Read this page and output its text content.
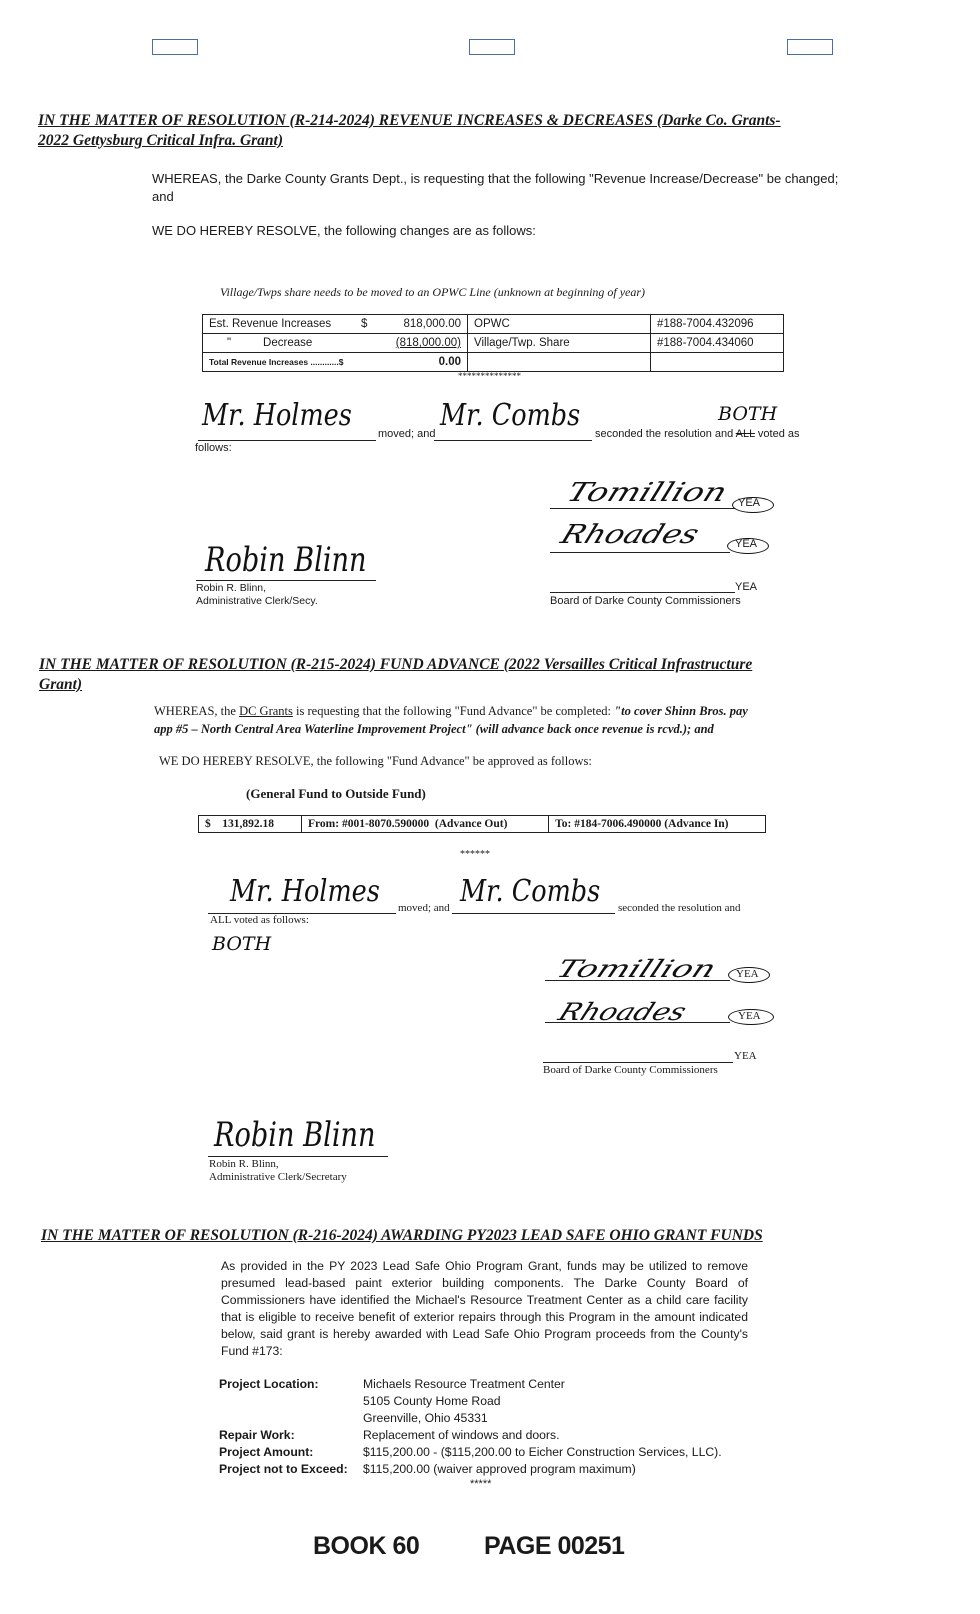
IN THE MATTER OF RESOLUTION (R-214-2024) REVENUE INCREASES & DECREASES (Darke Co. Grants-
2022 Gettysburg Critical Infra. Grant)
WHEREAS, the Darke County Grants Dept., is requesting that the following "Revenue Increase/Decrease" be changed;
and
WE DO HEREBY RESOLVE, the following changes are as follows:
Village/Twps share needs to be moved to an OPWC Line (unknown at beginning of year)
Est. Revenue Increases	$ 818,000.00	OPWC	#188-7004.432096
"          Decrease	(818,000.00)	Village/Twp. Share	#188-7004.434060
Total Revenue Increases ............$	0.00		
**************
Mr. Holmes
moved; and
Mr. Combs
seconded the resolution and ALL voted as
BOTH
follows:
Tomillion YEA
Rhoades	YEA
YEA
Board of Darke County Commissioners
Robin Blinn
Robin R. Blinn,
Administrative Clerk/Secy.
IN THE MATTER OF RESOLUTION (R-215-2024) FUND ADVANCE (2022 Versailles Critical Infrastructure
Grant)
WHEREAS, the DC Grants is requesting that the following "Fund Advance" be completed: "to cover Shinn Bros. pay
app #5 – North Central Area Waterline Improvement Project" (will advance back once revenue is rcvd.); and
WE DO HEREBY RESOLVE, the following "Fund Advance" be approved as follows:
(General Fund to Outside Fund)
$ 131,892.18	From: #001-8070.590000  (Advance Out)	To: #184-7006.490000 (Advance In)
******
Mr. Holmes moved; and Mr. Combs seconded the resolution and
ALL voted as follows:
BOTH
Tomillion YEA
Rhoades	YEA
YEA
Board of Darke County Commissioners
Robin Blinn
Robin R. Blinn,
Administrative Clerk/Secretary
IN THE MATTER OF RESOLUTION (R-216-2024) AWARDING PY2023 LEAD SAFE OHIO GRANT FUNDS
As provided in the PY 2023 Lead Safe Ohio Program Grant, funds may be utilized to remove
presumed lead-based paint exterior building components. The Darke County Board of
Commissioners have identified the Michael's Resource Treatment Center as a child care facility
that is eligible to receive benefit of exterior repairs through this Program in the amount indicated
below, said grant is hereby awarded with Lead Safe Ohio Program proceeds from the County's
Fund #173:
Project Location:	Michaels Resource Treatment Center
5105 County Home Road
Greenville, Ohio 45331
Repair Work:	Replacement of windows and doors.
Project Amount:	$115,200.00 - ($115,200.00 to Eicher Construction Services, LLC).
Project not to Exceed:	$115,200.00 (waiver approved program maximum)
*****
BOOK 60	PAGE 00251
